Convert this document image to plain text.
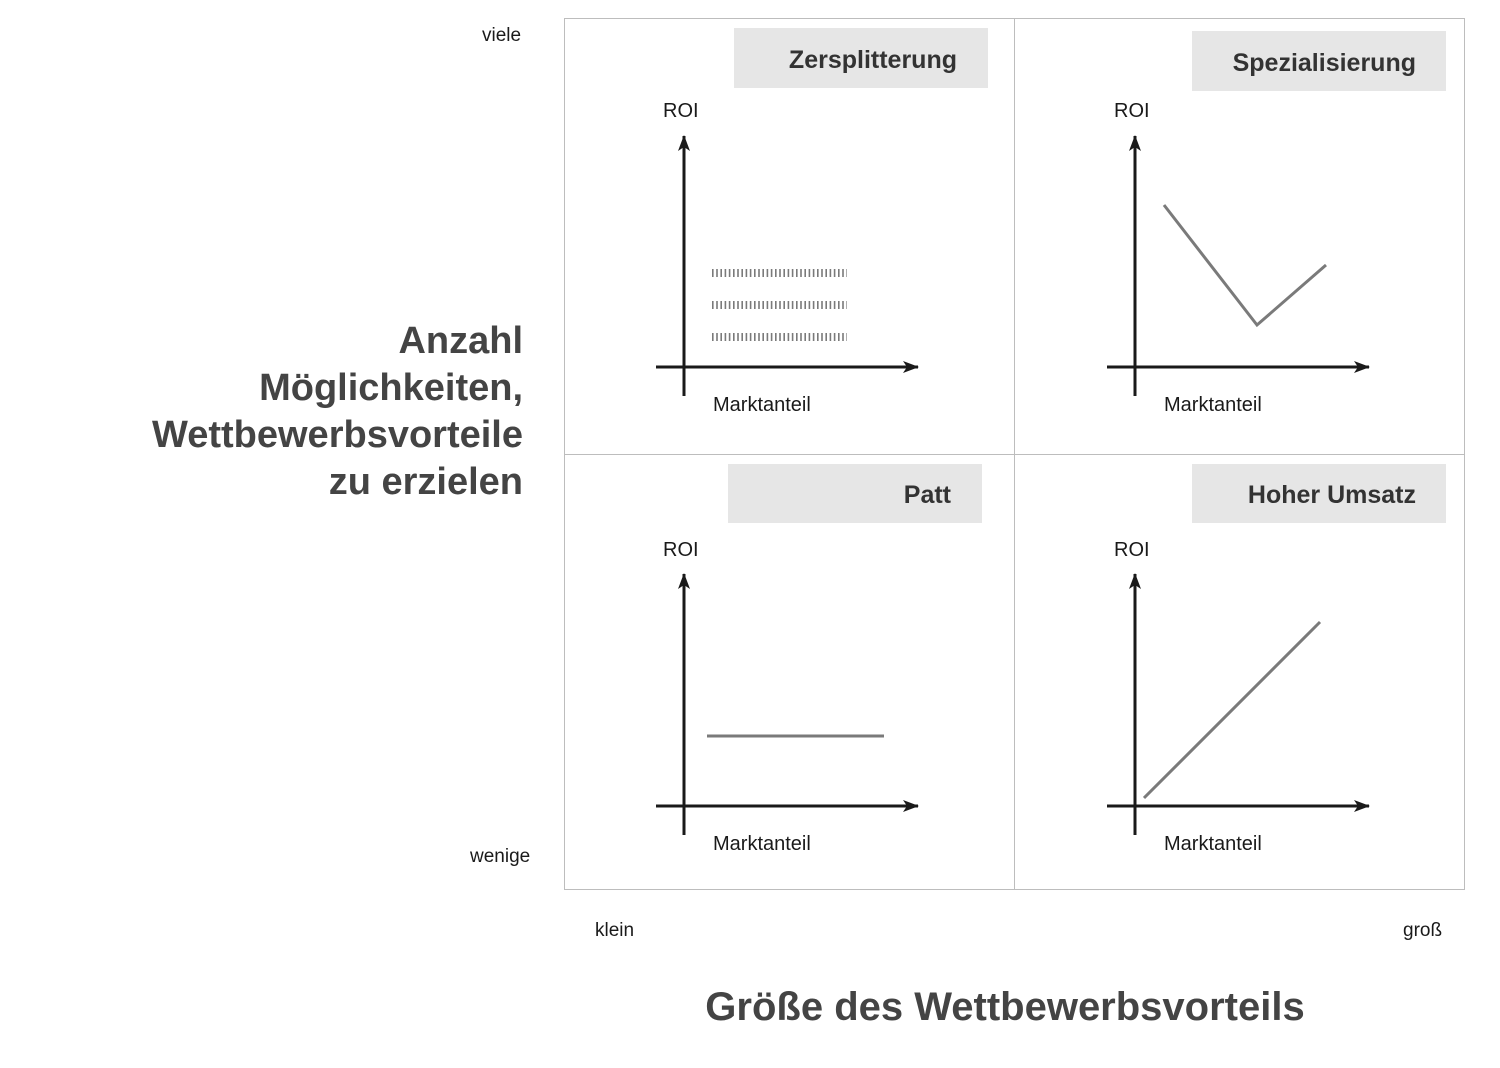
Anzahl
Möglichkeiten,
Wettbewerbsvorteile
zu erzielen
viele
wenige
klein	groß
Größe des Wettbewerbsvorteils
Zersplitterung
ROI
Marktanteil
Spezialisierung
ROI
Marktanteil
Patt
ROI
Marktanteil
Hoher Umsatz
ROI
Marktanteil
